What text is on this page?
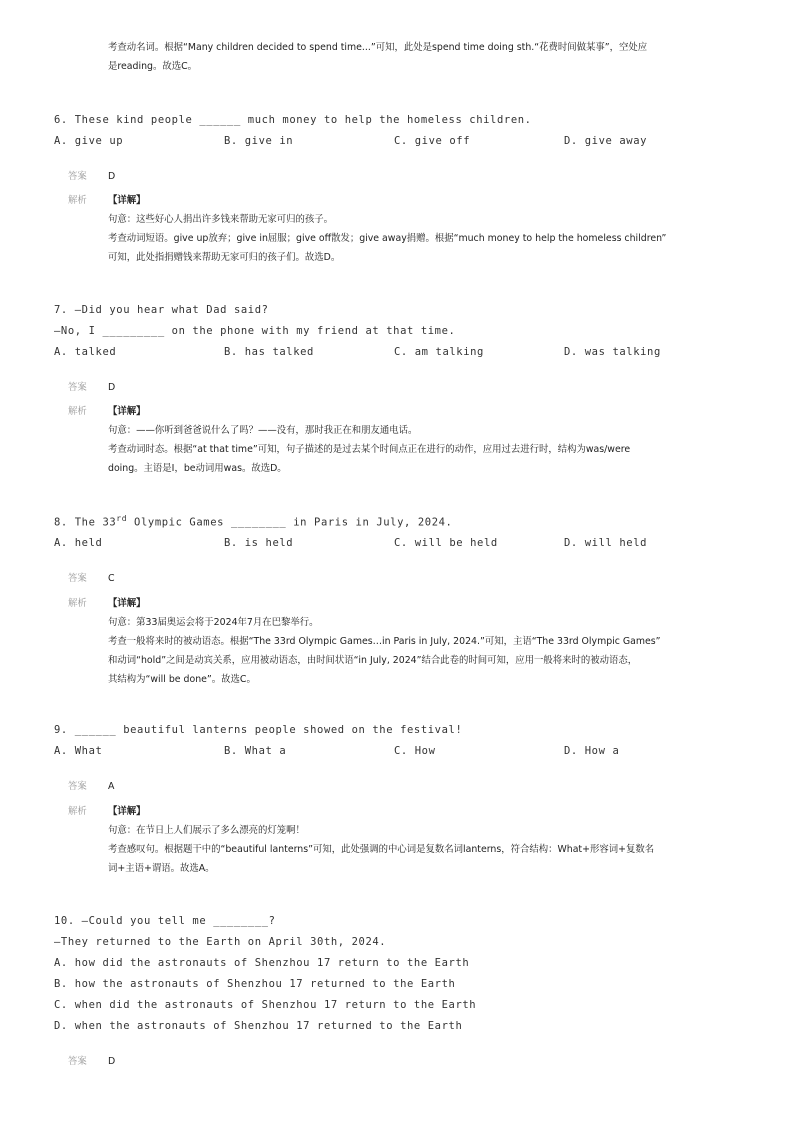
考查动名词。根据“Many children decided to spend time...”可知，此处是spend time doing sth.“花费时间做某事”，空处应
是reading。故选C。
6. These kind people ______ much money to help the homeless children.
A. give up	B. give in	C. give off	D. give away
答案 D
解析	【详解】
句意：这些好心人捐出许多钱来帮助无家可归的孩子。
考查动词短语。give up放弃；give in屈服；give off散发；give away捐赠。根据“much money to help the homeless children”
可知，此处指捐赠钱来帮助无家可归的孩子们。故选D。
7. —Did you hear what Dad said?
—No, I _________ on the phone with my friend at that time.
A. talked	B. has talked	C. am talking	D. was talking
答案 D
解析	【详解】
句意：——你听到爸爸说什么了吗？——没有，那时我正在和朋友通电话。
考查动词时态。根据“at that time”可知，句子描述的是过去某个时间点正在进行的动作，应用过去进行时，结构为was/were
doing。主语是I，be动词用was。故选D。
8. The 33rd Olympic Games ________ in Paris in July, 2024.
A. held	B. is held	C. will be held	D. will held
答案 C
解析	【详解】
句意：第33届奥运会将于2024年7月在巴黎举行。
考查一般将来时的被动语态。根据“The 33rd Olympic Games…in Paris in July, 2024.”可知，主语“The 33rd Olympic Games”
和动词“hold”之间是动宾关系，应用被动语态，由时间状语“in July, 2024”结合此卷的时间可知，应用一般将来时的被动语态，
其结构为“will be done”。故选C。
9. ______ beautiful lanterns people showed on the festival!
A. What	B. What a	C. How	D. How a
答案 A
解析	【详解】
句意：在节日上人们展示了多么漂亮的灯笼啊！
考查感叹句。根据题干中的“beautiful lanterns”可知，此处强调的中心词是复数名词lanterns，符合结构：What+形容词+复数名
词+主语+谓语。故选A。
10. —Could you tell me ________?
—They returned to the Earth on April 30th, 2024.
A. how did the astronauts of Shenzhou 17 return to the Earth
B. how the astronauts of Shenzhou 17 returned to the Earth
C. when did the astronauts of Shenzhou 17 return to the Earth
D. when the astronauts of Shenzhou 17 returned to the Earth
答案 D
